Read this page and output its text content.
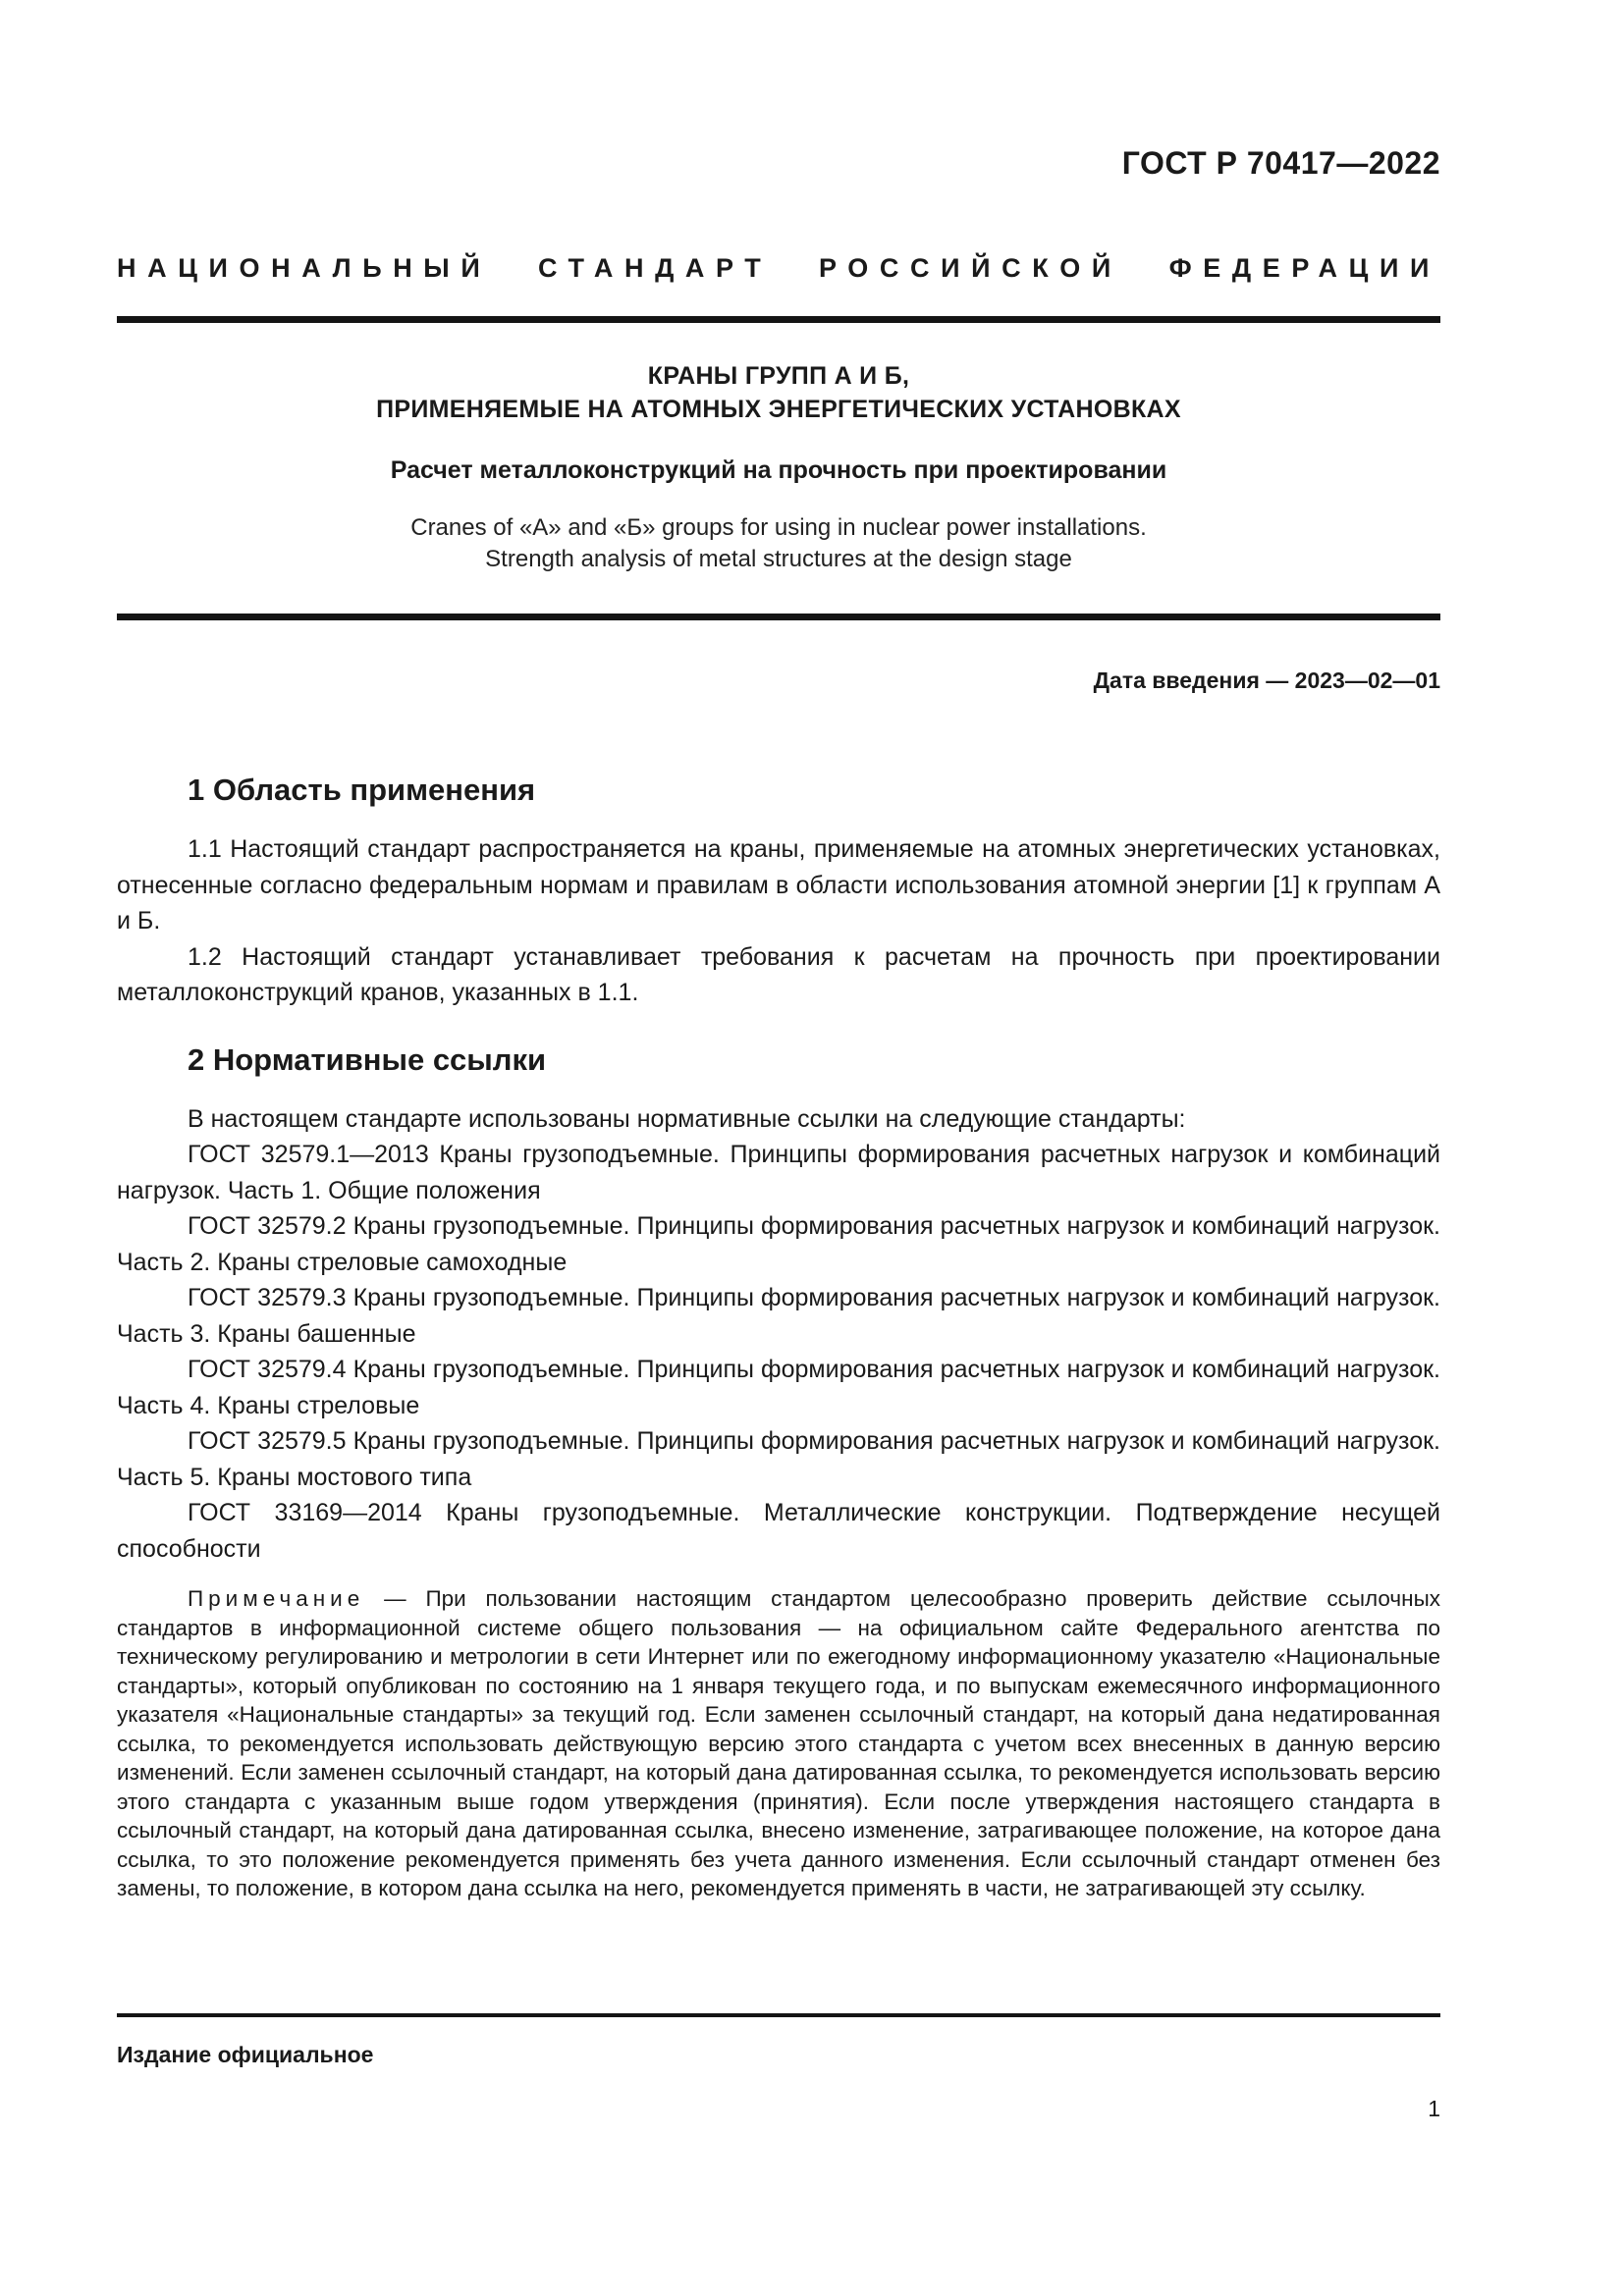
ГОСТ Р 70417—2022
НАЦИОНАЛЬНЫЙ СТАНДАРТ РОССИЙСКОЙ ФЕДЕРАЦИИ
КРАНЫ ГРУПП А И Б,
ПРИМЕНЯЕМЫЕ НА АТОМНЫХ ЭНЕРГЕТИЧЕСКИХ УСТАНОВКАХ
Расчет металлоконструкций на прочность при проектировании
Cranes of «A» and «Б» groups for using in nuclear power installations.
Strength analysis of metal structures at the design stage
Дата введения — 2023—02—01
1 Область применения

1.1 Настоящий стандарт распространяется на краны, применяемые на атомных энергетических установках, отнесенные согласно федеральным нормам и правилам в области использования атомной энергии [1] к группам А и Б.

1.2 Настоящий стандарт устанавливает требования к расчетам на прочность при проектировании металлоконструкций кранов, указанных в 1.1.

2 Нормативные ссылки

В настоящем стандарте использованы нормативные ссылки на следующие стандарты:

ГОСТ 32579.1—2013 Краны грузоподъемные. Принципы формирования расчетных нагрузок и комбинаций нагрузок. Часть 1. Общие положения

ГОСТ 32579.2 Краны грузоподъемные. Принципы формирования расчетных нагрузок и комбинаций нагрузок. Часть 2. Краны стреловые самоходные

ГОСТ 32579.3 Краны грузоподъемные. Принципы формирования расчетных нагрузок и комбинаций нагрузок. Часть 3. Краны башенные

ГОСТ 32579.4 Краны грузоподъемные. Принципы формирования расчетных нагрузок и комбинаций нагрузок. Часть 4. Краны стреловые

ГОСТ 32579.5 Краны грузоподъемные. Принципы формирования расчетных нагрузок и комбинаций нагрузок. Часть 5. Краны мостового типа

ГОСТ 33169—2014 Краны грузоподъемные. Металлические конструкции. Подтверждение несущей способности

Примечание — При пользовании настоящим стандартом целесообразно проверить действие ссылочных стандартов в информационной системе общего пользования — на официальном сайте Федерального агентства по техническому регулированию и метрологии в сети Интернет или по ежегодному информационному указателю «Национальные стандарты», который опубликован по состоянию на 1 января текущего года, и по выпускам ежемесячного информационного указателя «Национальные стандарты» за текущий год. Если заменен ссылочный стандарт, на который дана недатированная ссылка, то рекомендуется использовать действующую версию этого стандарта с учетом всех внесенных в данную версию изменений. Если заменен ссылочный стандарт, на который дана датированная ссылка, то рекомендуется использовать версию этого стандарта с указанным выше годом утверждения (принятия). Если после утверждения настоящего стандарта в ссылочный стандарт, на который дана датированная ссылка, внесено изменение, затрагивающее положение, на которое дана ссылка, то это положение рекомендуется применять без учета данного изменения. Если ссылочный стандарт отменен без замены, то положение, в котором дана ссылка на него, рекомендуется применять в части, не затрагивающей эту ссылку.

Издание официальное
1
